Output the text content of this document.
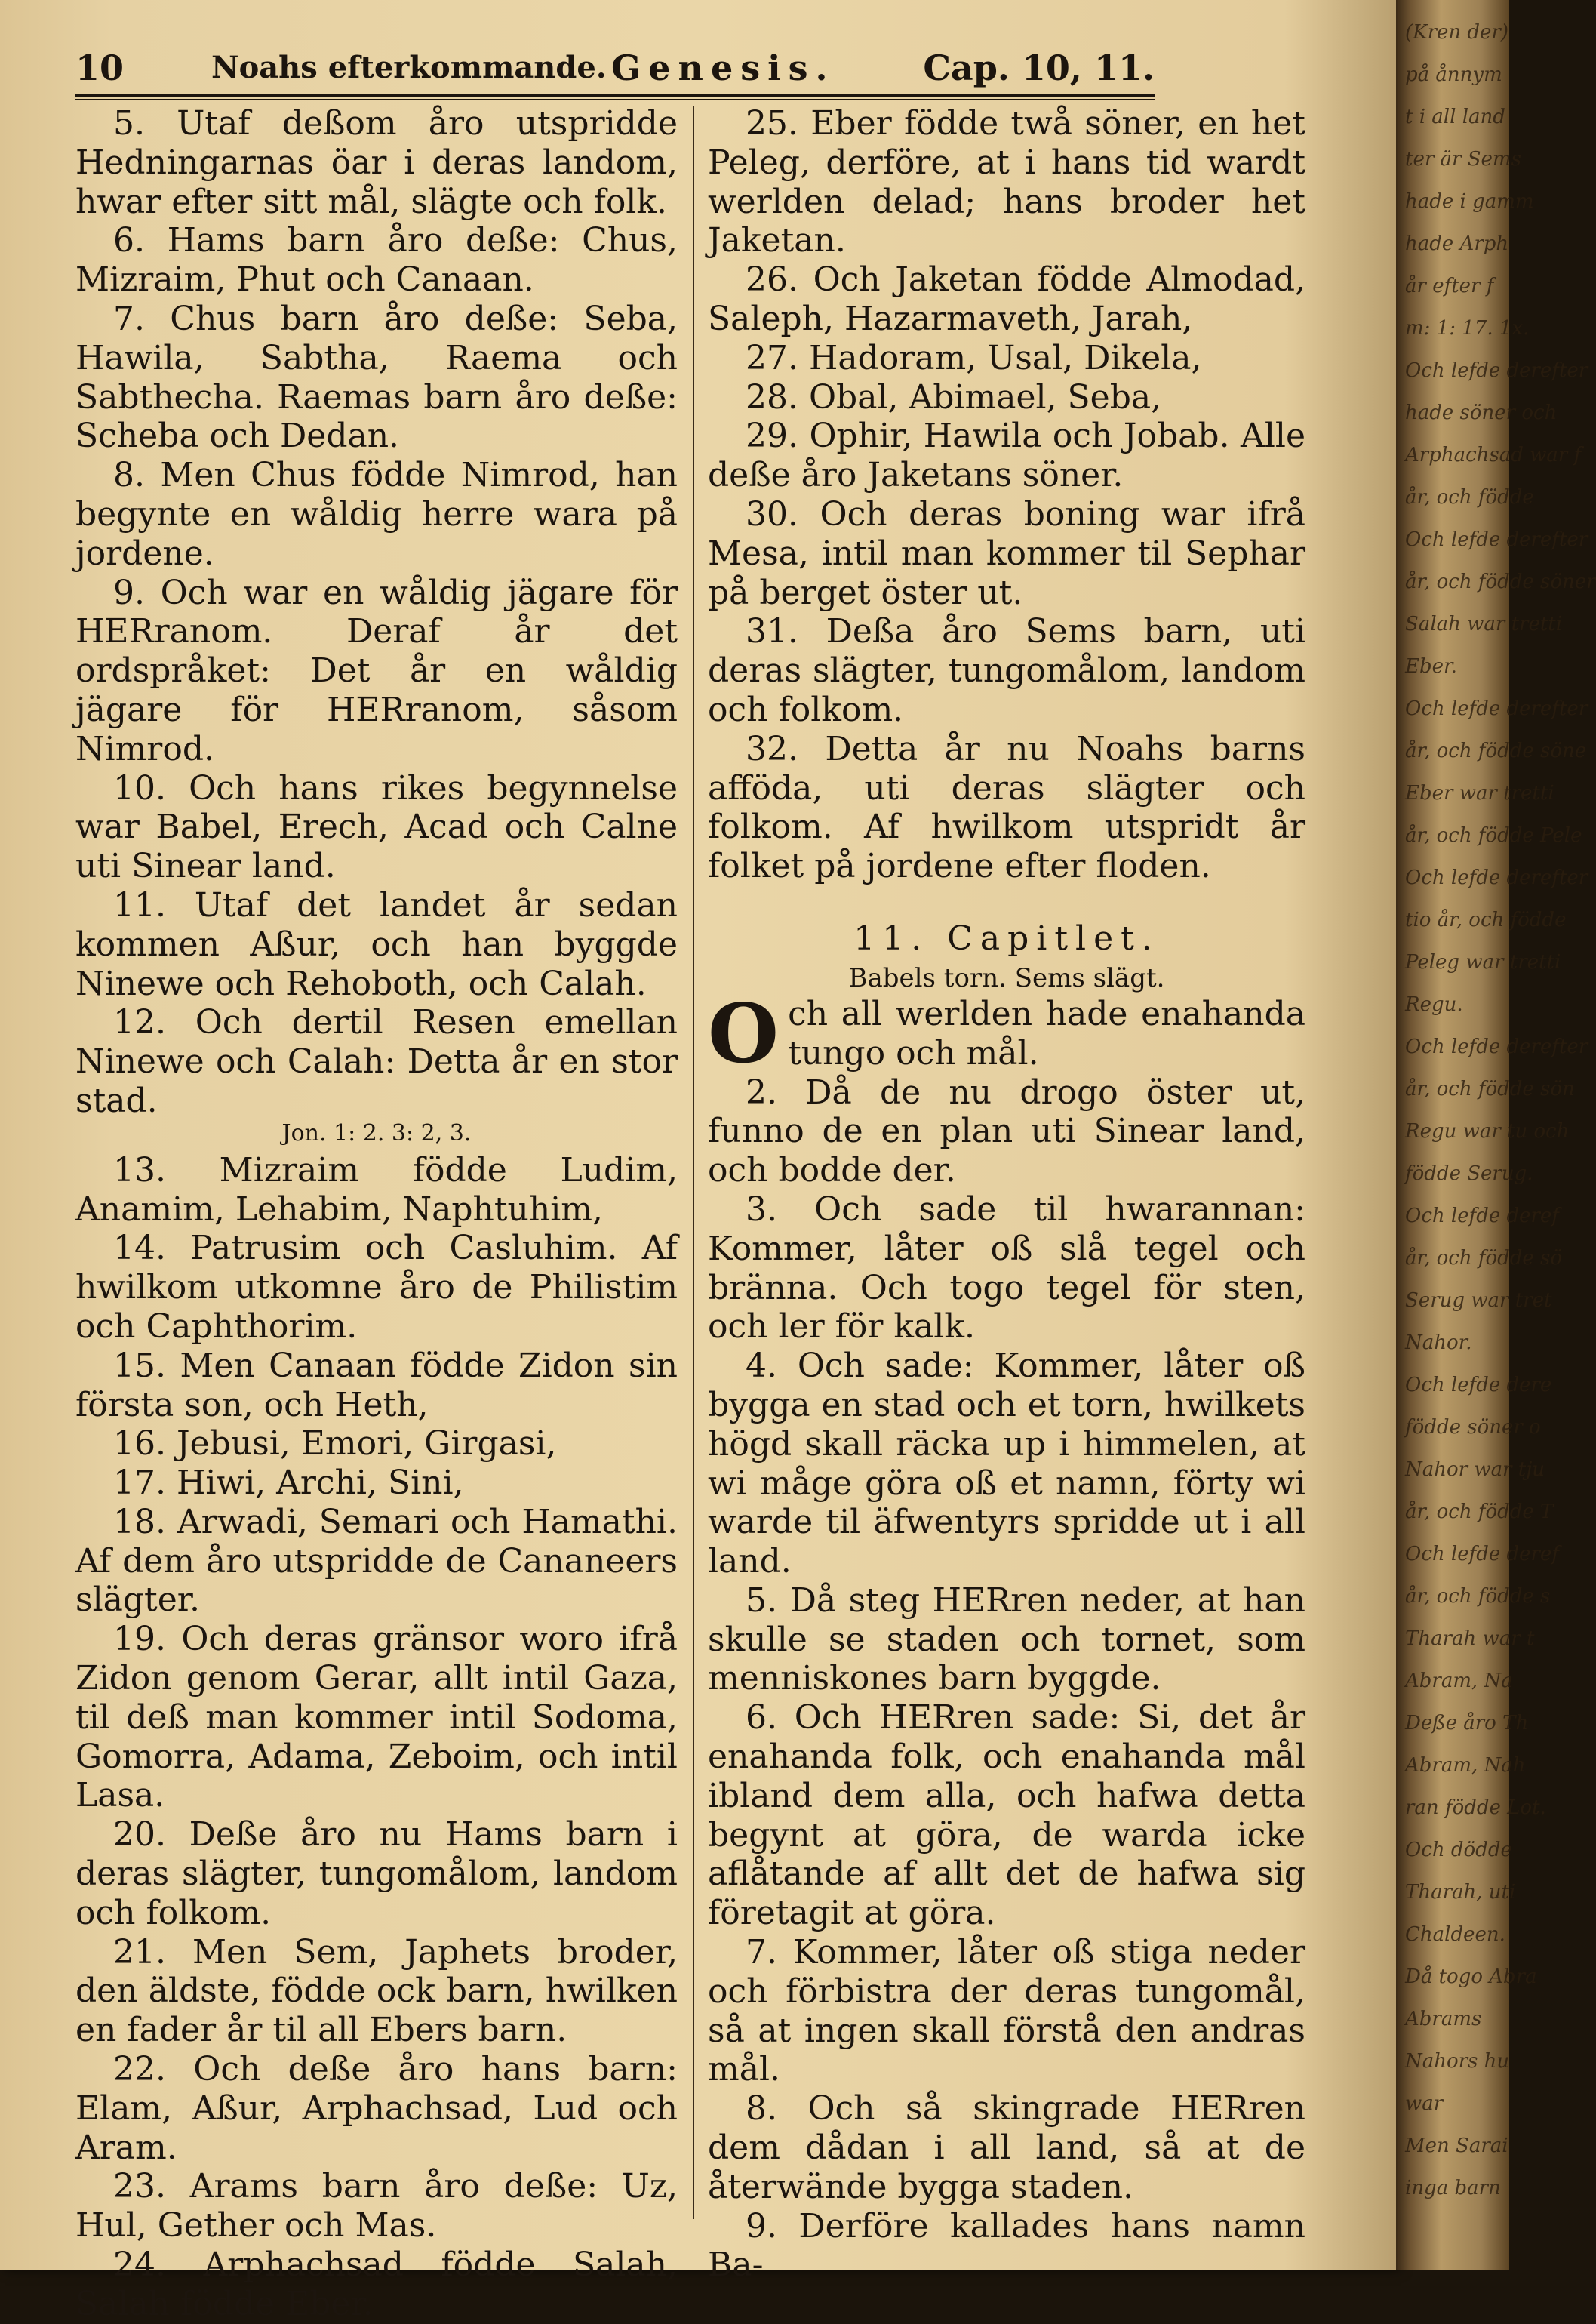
10	Noahs efterkommande. Genesis.	Cap. 10, 11.

5. Utaf deßom åro utspridde Hedningarnas öar i deras landom, hwar efter sitt mål, slägte och folk.

6. Hams barn åro deße: Chus, Mizraim, Phut och Canaan.

7. Chus barn åro deße: Seba, Hawila, Sabtha, Raema och Sabthecha. Raemas barn åro deße: Scheba och Dedan.

8. Men Chus födde Nimrod, han begynte en wåldig herre wara på jordene.

9. Och war en wåldig jägare för HERranom. Deraf år det ordspråket: Det år en wåldig jägare för HERranom, såsom Nimrod.

10. Och hans rikes begynnelse war Babel, Erech, Acad och Calne uti Sinear land.

11. Utaf det landet år sedan kommen Aßur, och han byggde Ninewe och Rehoboth, och Calah.

12. Och dertil Resen emellan Ninewe och Calah: Detta år en stor stad.

Jon. 1: 2. 3: 2, 3.

13. Mizraim födde Ludim, Anamim, Lehabim, Naphtuhim,

14. Patrusim och Casluhim. Af hwilkom utkomne åro de Philistim och Caphthorim.

15. Men Canaan födde Zidon sin första son, och Heth,

16. Jebusi, Emori, Girgasi,

17. Hiwi, Archi, Sini,

18. Arwadi, Semari och Hamathi. Af dem åro utspridde de Cananeers slägter.

19. Och deras gränsor woro ifrå Zidon genom Gerar, allt intil Gaza, til deß man kommer intil Sodoma, Gomorra, Adama, Zeboim, och intil Lasa.

20. Deße åro nu Hams barn i deras slägter, tungomålom, landom och folkom.

21. Men Sem, Japhets broder, den äldste, födde ock barn, hwilken en fader år til all Ebers barn.

22. Och deße åro hans barn: Elam, Aßur, Arphachsad, Lud och Aram.

23. Arams barn åro deße: Uz, Hul, Gether och Mas.

24. Arphachsad födde Salah, Salah födde Eber.

25. Eber födde twå söner, en het Peleg, derföre, at i hans tid wardt werlden delad; hans broder het Jaketan.

26. Och Jaketan födde Almodad, Saleph, Hazarmaveth, Jarah,

27. Hadoram, Usal, Dikela,

28. Obal, Abimael, Seba,

29. Ophir, Hawila och Jobab. Alle deße åro Jaketans söner.

30. Och deras boning war ifrå Mesa, intil man kommer til Sephar på berget öster ut.

31. Deßa åro Sems barn, uti deras slägter, tungomålom, landom och folkom.

32. Detta år nu Noahs barns afföda, uti deras slägter och folkom. Af hwilkom utspridt år folket på jordene efter floden.

11. Capitlet.

Babels torn. Sems slägt.

Och all werlden hade enahanda tungo och mål.

2. Då de nu drogo öster ut, funno de en plan uti Sinear land, och bodde der.

3. Och sade til hwarannan: Kommer, låter oß slå tegel och bränna. Och togo tegel för sten, och ler för kalk.

4. Och sade: Kommer, låter oß bygga en stad och et torn, hwilkets högd skall räcka up i himmelen, at wi måge göra oß et namn, förty wi warde til äfwentyrs spridde ut i all land.

5. Då steg HERren neder, at han skulle se staden och tornet, som menniskones barn byggde.

6. Och HERren sade: Si, det år enahanda folk, och enahanda mål ibland dem alla, och hafwa detta begynt at göra, de warda icke aflåtande af allt det de hafwa sig företagit at göra.

7. Kommer, låter oß stiga neder och förbistra der deras tungomål, så at ingen skall förstå den andras mål.

8. Och så skingrade HERren dem dådan i all land, så at de återwände bygga staden.

9. Derföre kallades hans namn Ba-

(Kren der)
på ånnym
t i all land
ter är Sems
hade i gamm
hade Arph
år efter f
m: 1: 17. 1x.
Och lefde derefter
hade söner och
Arphachsad war f
år, och födde
Och lefde derefter
år, och födde söner
Salah war tretti
Eber.
Och lefde derefter
år, och födde söne
Eber war tretti
år, och födde Pele
Och lefde derefter
tio år, och födde
Peleg war tretti
Regu.
Och lefde derefter
år, och födde sön
Regu war tu och
födde Serug.
Och lefde deref
år, och födde sö
Serug war tret
Nahor.
Och lefde dere
födde söner o
Nahor war tju
år, och födde T
Och lefde deref
år, och födde s
Tharah war t
Abram, Na
Deße åro Th
Abram, Nah
ran födde Lot.
Och dödde
Tharah, uti
Chaldeen.
Då togo Abra
Abrams
Nahors hu
war
Men Sarai
inga barn
